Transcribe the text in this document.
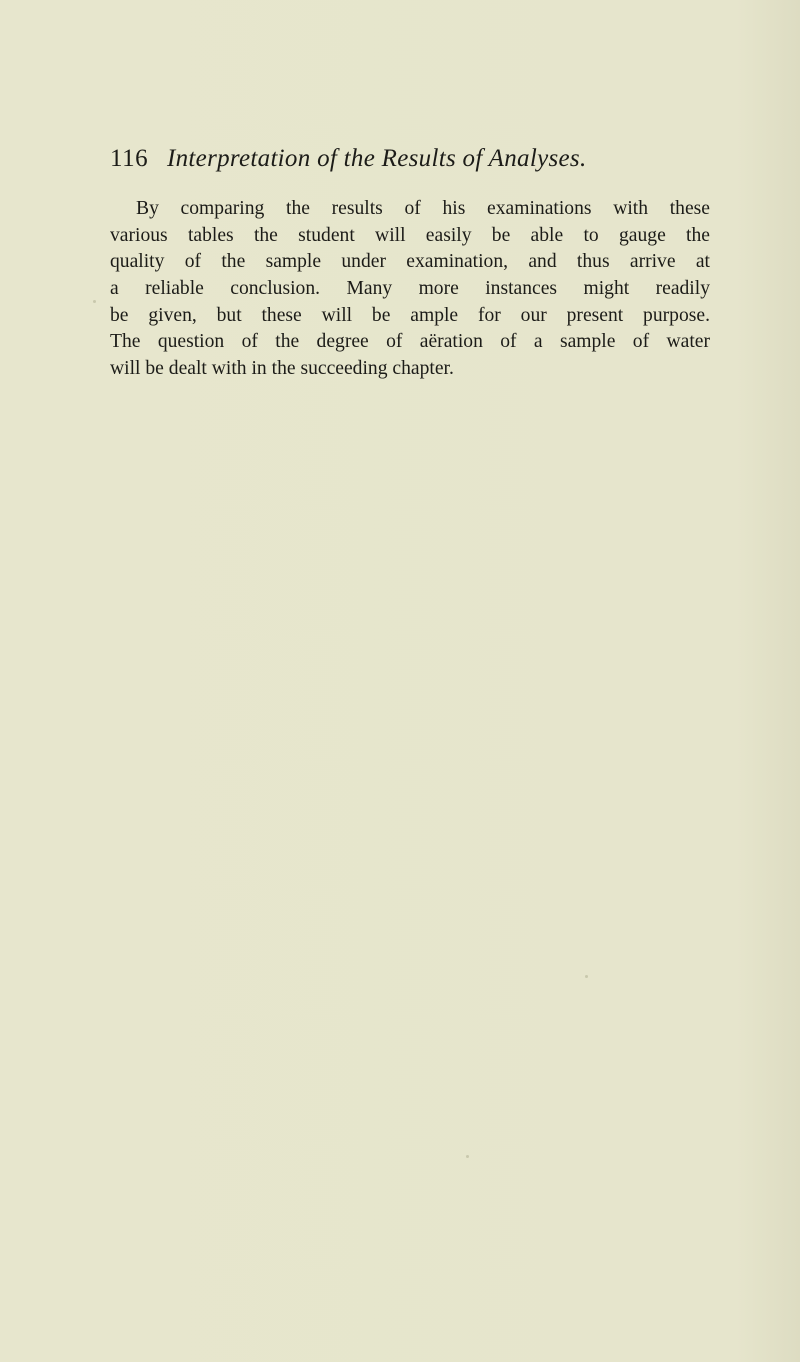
116 Interpretation of the Results of Analyses.
By comparing the results of his examinations with these
various tables the student will easily be able to gauge the
quality of the sample under examination, and thus arrive at
a reliable conclusion. Many more instances might readily
be given, but these will be ample for our present purpose.
The question of the degree of aëration of a sample of water
will be dealt with in the succeeding chapter.
